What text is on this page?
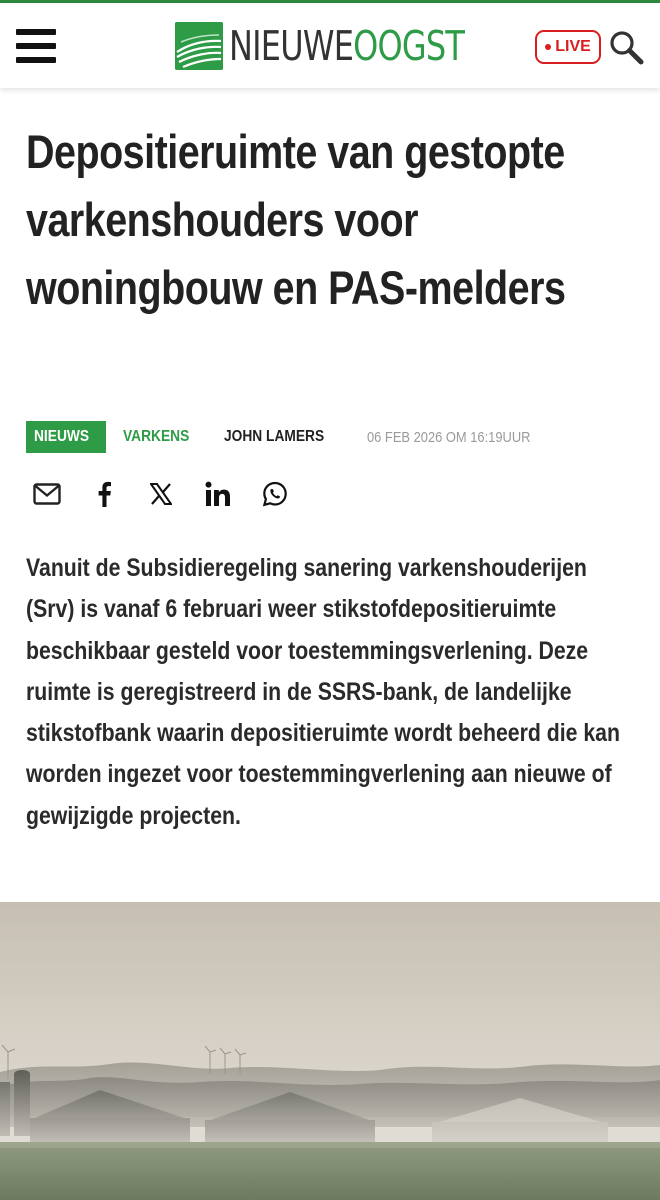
NIEUWEOOGST	LIVE
Depositieruimte van gestopte varkenshouders voor woningbouw en PAS-melders
NIEUWS	VARKENS	JOHN LAMERS	06 FEB 2026 OM 16:19UUR

Vanuit de Subsidieregeling sanering varkenshouderijen (Srv) is vanaf 6 februari weer stikstofdepositieruimte beschikbaar gesteld voor toestemmingsverlening. Deze ruimte is geregistreerd in de SSRS-bank, de landelijke stikstofbank waarin depositieruimte wordt beheerd die kan worden ingezet voor toestemmingverlening aan nieuwe of gewijzigde projecten.
